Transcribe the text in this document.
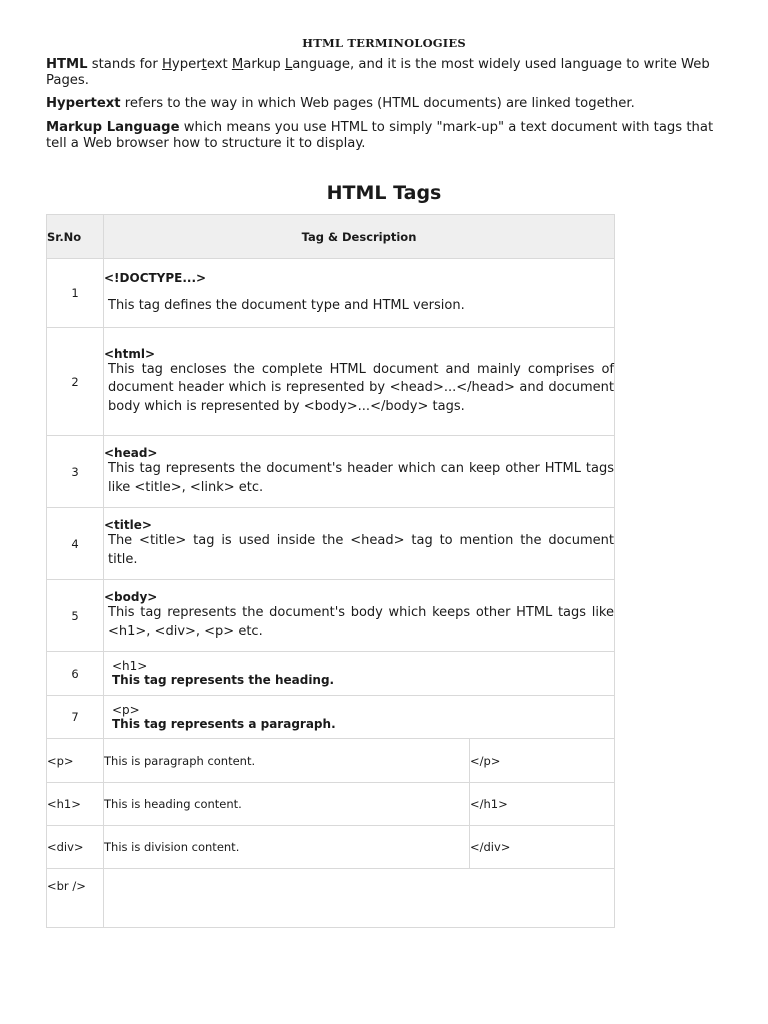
HTML TERMINOLOGIES
HTML stands for Hypertext Markup Language, and it is the most widely used language to write Web Pages.
Hypertext refers to the way in which Web pages (HTML documents) are linked together.
Markup Language which means you use HTML to simply "mark-up" a text document with tags that tell a Web browser how to structure it to display.
HTML Tags
Sr.No	Tag & Description	
1	<!DOCTYPE...>
This tag defines the document type and HTML version.	

2	<html>
This tag encloses the complete HTML document and mainly comprises of document header which is represented by <head>...</head> and document body which is represented by <body>...</body> tags.	

3	<head>
This tag represents the document's header which can keep other HTML tags like <title>, <link> etc.	

4	<title>
The <title> tag is used inside the <head> tag to mention the document title.	

5	<body>
This tag represents the document's body which keeps other HTML tags like <h1>, <div>, <p> etc.	

6	<h1>
This tag represents the heading.	

7	<p>
This tag represents a paragraph.	

<p>	This is paragraph content.	</p>
<h1>	This is heading content.	</h1>
<div>	This is division content.	</div>
<br />		
